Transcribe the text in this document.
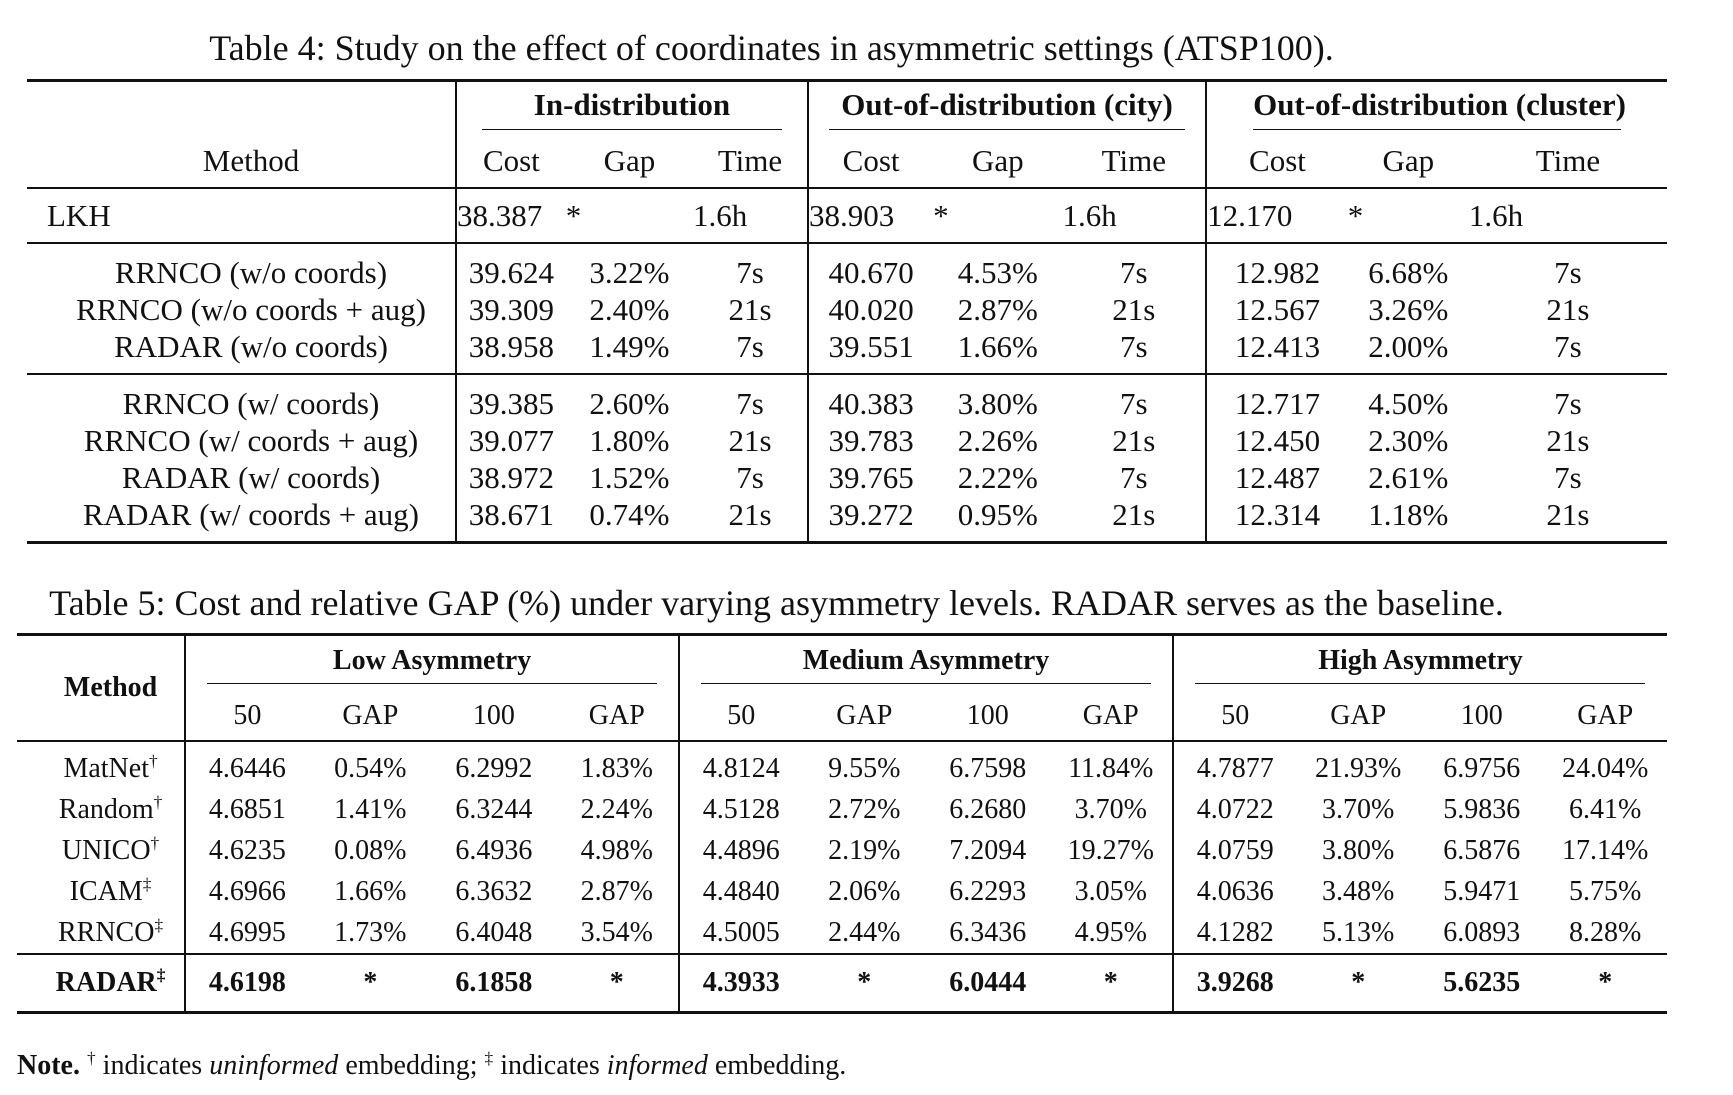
Table 4: Study on the effect of coordinates in asymmetric settings (ATSP100).
	In-distribution			Out-of-distribution (city)			Out-of-distribution (cluster)		
Method	Cost	Gap	Time	Cost	Gap	Time	Cost	Gap	Time
LKH	38.387	*	1.6h	38.903	*	1.6h	12.170	*	1.6h
RRNCO (w/o coords)	39.624	3.22%	7s	40.670	4.53%	7s	12.982	6.68%	7s
RRNCO (w/o coords + aug)	39.309	2.40%	21s	40.020	2.87%	21s	12.567	3.26%	21s
RADAR (w/o coords)	38.958	1.49%	7s	39.551	1.66%	7s	12.413	2.00%	7s
RRNCO (w/ coords)	39.385	2.60%	7s	40.383	3.80%	7s	12.717	4.50%	7s
RRNCO (w/ coords + aug)	39.077	1.80%	21s	39.783	2.26%	21s	12.450	2.30%	21s
RADAR (w/ coords)	38.972	1.52%	7s	39.765	2.22%	7s	12.487	2.61%	7s
RADAR (w/ coords + aug)	38.671	0.74%	21s	39.272	0.95%	21s	12.314	1.18%	21s
Table 5: Cost and relative GAP (%) under varying asymmetry levels. RADAR serves as the baseline.
Method	Low Asymmetry				Medium Asymmetry				High Asymmetry			
	50	GAP	100	GAP	50	GAP	100	GAP	50	GAP	100	GAP
MatNet†	4.6446	0.54%	6.2992	1.83%	4.8124	9.55%	6.7598	11.84%	4.7877	21.93%	6.9756	24.04%
Random†	4.6851	1.41%	6.3244	2.24%	4.5128	2.72%	6.2680	3.70%	4.0722	3.70%	5.9836	6.41%
UNICO†	4.6235	0.08%	6.4936	4.98%	4.4896	2.19%	7.2094	19.27%	4.0759	3.80%	6.5876	17.14%
ICAM‡	4.6966	1.66%	6.3632	2.87%	4.4840	2.06%	6.2293	3.05%	4.0636	3.48%	5.9471	5.75%
RRNCO‡	4.6995	1.73%	6.4048	3.54%	4.5005	2.44%	6.3436	4.95%	4.1282	5.13%	6.0893	8.28%
RADAR‡	4.6198	*	6.1858	*	4.3933	*	6.0444	*	3.9268	*	5.6235	*
Note. † indicates uninformed embedding; ‡ indicates informed embedding.
